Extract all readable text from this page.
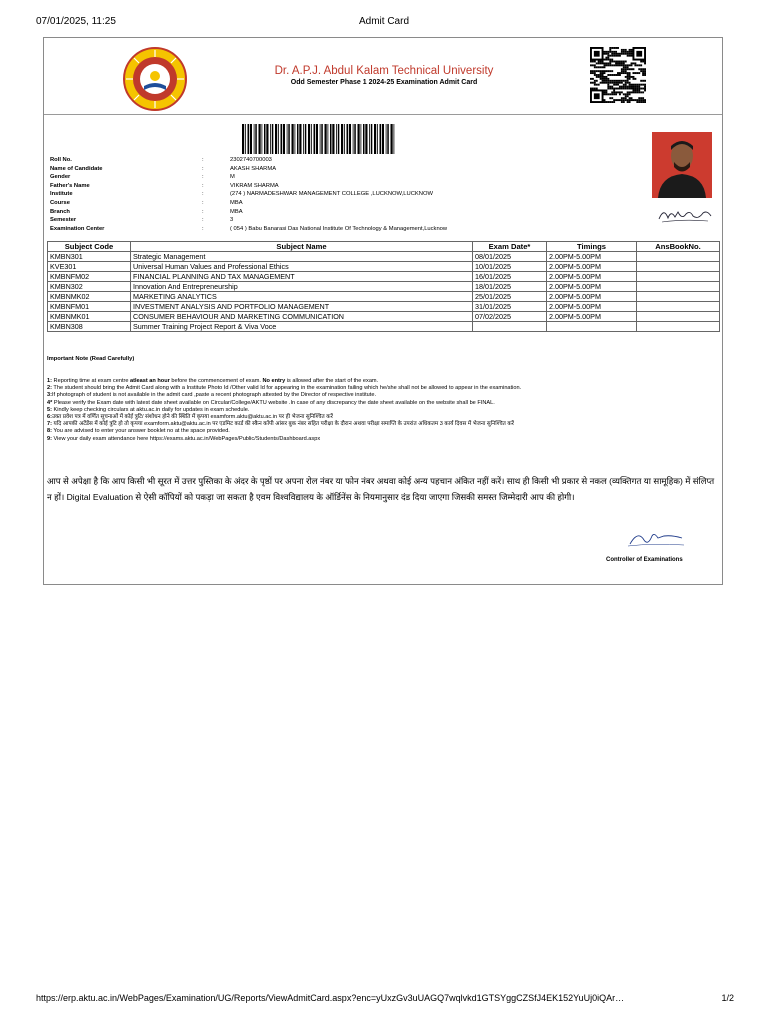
07/01/2025, 11:25	Admit Card
Dr. A.P.J. Abdul Kalam Technical University
Odd Semester Phase 1 2024-25 Examination Admit Card
Roll No.	:	2302740700003
Name of Candidate	:	AKASH SHARMA
Gender	:	M
Father's Name	:	VIKRAM SHARMA
Institute	:	(274 ) NARMADESHWAR MANAGEMENT COLLEGE ,LUCKNOW,LUCKNOW
Course	:	MBA
Branch	:	MBA
Semester	:	3
Examination Center	:	( 054 ) Babu Banarasi Das National Institute Of Technology & Management,Lucknow
Subject Code	Subject Name	Exam Date*	Timings	AnsBookNo.
KMBN301	Strategic Management	08/01/2025	2.00PM-5.00PM	
KVE301	Universal Human Values and Professional Ethics	10/01/2025	2.00PM-5.00PM	
KMBNFM02	FINANCIAL PLANNING AND TAX MANAGEMENT	16/01/2025	2.00PM-5.00PM	
KMBN302	Innovation And Entrepreneurship	18/01/2025	2.00PM-5.00PM	
KMBNMK02	MARKETING ANALYTICS	25/01/2025	2.00PM-5.00PM	
KMBNFM01	INVESTMENT ANALYSIS AND PORTFOLIO MANAGEMENT	31/01/2025	2.00PM-5.00PM	
KMBNMK01	CONSUMER BEHAVIOUR AND MARKETING COMMUNICATION	07/02/2025	2.00PM-5.00PM	
KMBN308	Summer Training Project Report & Viva Voce			
Important Note (Read Carefully)

1: Reporting time at exam centre atleast an hour before the commencement of exam. No entry is allowed after the start of the exam.

2: The student should bring the Admit Card along with a Institute Photo Id /Other valid Id for appearing in the examination failing which he/she shall not be allowed to appear in the examination.

3:If photograph of student is not available in the admit card ,paste a recent photograph attested by the Director of respective institute.

4* Please verify the Exam date with latest date sheet available on Circular/College/AKTU website .In case of any discrepancy the date sheet available on the website shall be FINAL.

5: Kindly keep checking circulars at aktu.ac.in daily for updates in exam schedule.

6:उक्त प्रवेश पत्र में वर्णित सूचनाओं में कोई त्रुटि/ संशोधन होने की स्थिति में कृपया examform.aktu@aktu.ac.in पर ही भेजना सुनिश्चित करें

7: यदि आपकी अटेंडेंस में कोई त्रुटि हो तो कृपया examform.aktu@aktu.ac.in पर एडमिट कार्ड की स्कैन कॉपी आंसर बुक नंबर सहित परीक्षा के दौरान अथवा परीक्षा समाप्ति के उपरांत अधिकतम 3 कार्य दिवस में भेजना सुनिश्चित करें

8: You are advised to enter your answer booklet no at the space provided.

9: View your daily exam attendance here https://exams.aktu.ac.in/WebPages/Public/Students/Dashboard.aspx

आप से अपेक्षा है कि आप किसी भी सूरत में उत्तर पुस्तिका के अंदर के पृष्ठों पर अपना रोल नंबर या फोन नंबर अथवा कोई अन्य पहचान अंकित नहीं करें। साथ ही किसी भी प्रकार से नकल (व्यक्तिगत या सामूहिक) में संलिप्त न हों। Digital Evaluation से ऐसी कॉपियों को पकड़ा जा सकता है एवम विश्वविद्यालय के ऑर्डिनेंस के नियमानुसार दंड दिया जाएगा जिसकी समस्त जिम्मेदारी आप की होगी।
Controller of Examinations
https://erp.aktu.ac.in/WebPages/Examination/UG/Reports/ViewAdmitCard.aspx?enc=yUxzGv3uUAGQ7wqlvkd1GTSYggCZSfJ4EK152YuUj0iQAr…	1/2
